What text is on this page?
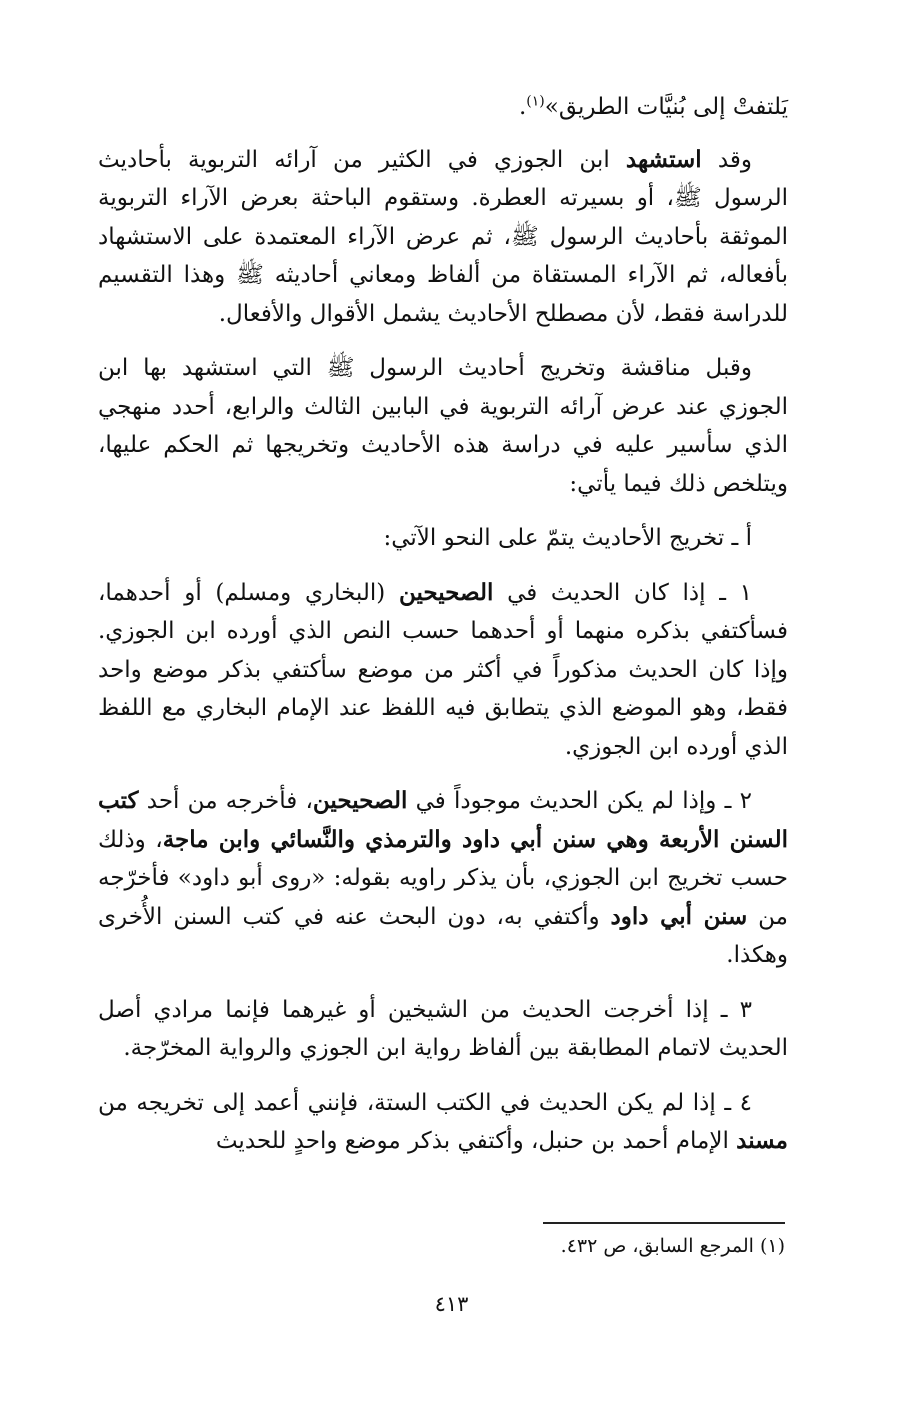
يَلتفتْ إلى بُنيَّات الطريق»$^{(١)}$.

وقد استشهد ابن الجوزي في الكثير من آرائه التربوية بأحاديث الرسول ﷺ، أو بسيرته العطرة. وستقوم الباحثة بعرض الآراء التربوية الموثقة بأحاديث الرسول ﷺ، ثم عرض الآراء المعتمدة على الاستشهاد بأفعاله، ثم الآراء المستقاة من ألفاظ ومعاني أحاديثه ﷺ وهذا التقسيم للدراسة فقط، لأن مصطلح الأحاديث يشمل الأقوال والأفعال.

وقبل مناقشة وتخريج أحاديث الرسول ﷺ التي استشهد بها ابن الجوزي عند عرض آرائه التربوية في البابين الثالث والرابع، أحدد منهجي الذي سأسير عليه في دراسة هذه الأحاديث وتخريجها ثم الحكم عليها، ويتلخص ذلك فيما يأتي:

أ ـ تخريج الأحاديث يتمّ على النحو الآتي:

١ ـ إذا كان الحديث في الصحيحين (البخاري ومسلم) أو أحدهما، فسأكتفي بذكره منهما أو أحدهما حسب النص الذي أورده ابن الجوزي. وإذا كان الحديث مذكوراً في أكثر من موضع سأكتفي بذكر موضع واحد فقط، وهو الموضع الذي يتطابق فيه اللفظ عند الإمام البخاري مع اللفظ الذي أورده ابن الجوزي.

٢ ـ وإذا لم يكن الحديث موجوداً في الصحيحين، فأخرجه من أحد كتب السنن الأربعة وهي سنن أبي داود والترمذي والنَّسائي وابن ماجة، وذلك حسب تخريج ابن الجوزي، بأن يذكر راويه بقوله: «روى أبو داود» فأخرّجه من سنن أبي داود وأكتفي به، دون البحث عنه في كتب السنن الأُخرى وهكذا.

٣ ـ إذا أخرجت الحديث من الشيخين أو غيرهما فإنما مرادي أصل الحديث لاتمام المطابقة بين ألفاظ رواية ابن الجوزي والرواية المخرّجة.

٤ ـ إذا لم يكن الحديث في الكتب الستة، فإنني أعمد إلى تخريجه من مسند الإمام أحمد بن حنبل، وأكتفي بذكر موضع واحدٍ للحديث

(١) المرجع السابق، ص ٤٣٢.
٤١٣
